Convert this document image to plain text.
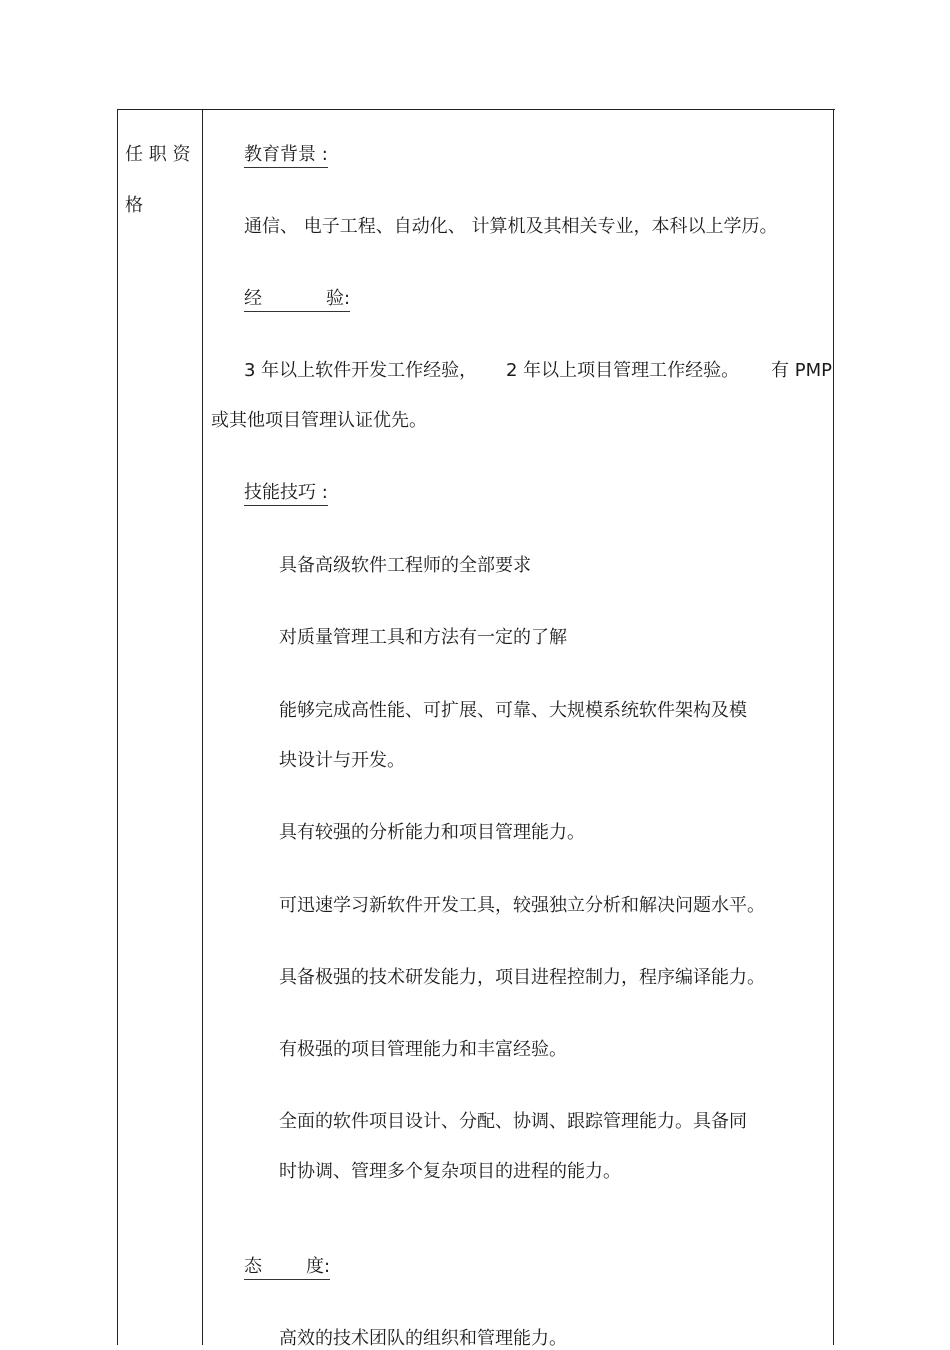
任 职 资
格
教育背景 :
通信、 电子工程、自动化、 计算机及其相关专业，本科以上学历。
经	验:
3 年以上软件开发工作经验， 2 年以上项目管理工作经验。 有 PMP
或其他项目管理认证优先。
技能技巧 :
具备高级软件工程师的全部要求
对质量管理工具和方法有一定的了解
能够完成高性能、可扩展、可靠、大规模系统软件架构及模
块设计与开发。
具有较强的分析能力和项目管理能力。
可迅速学习新软件开发工具，较强独立分析和解决问题水平。
具备极强的技术研发能力，项目进程控制力，程序编译能力。
有极强的项目管理能力和丰富经验。
全面的软件项目设计、分配、协调、跟踪管理能力。具备同
时协调、管理多个复杂项目的进程的能力。
态 度:
高效的技术团队的组织和管理能力。
